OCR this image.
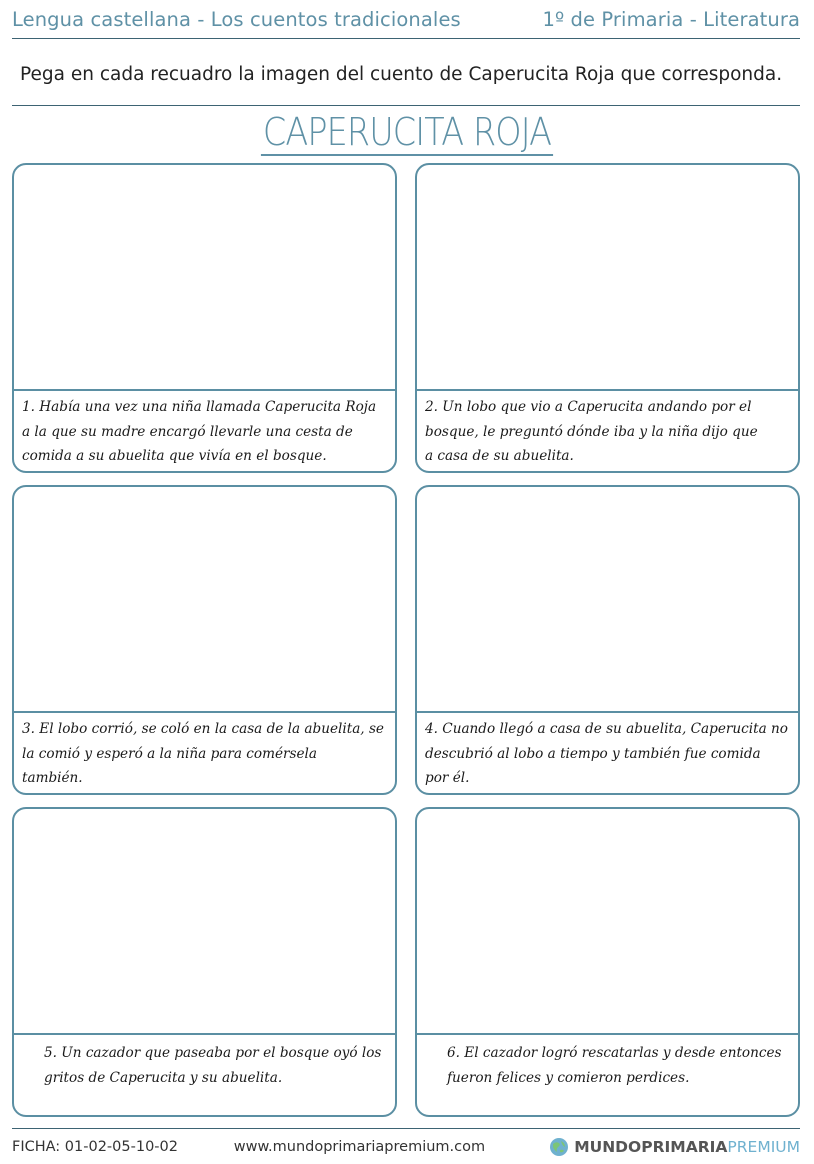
Lengua castellana - Los cuentos tradicionales	1º de Primaria - Literatura
Pega en cada recuadro la imagen del cuento de Caperucita Roja que corresponda.
CAPERUCITA ROJA
1. Había una vez una niña llamada Caperucita Roja
a la que su madre encargó llevarle una cesta de
comida a su abuelita que vivía en el bosque.
2. Un lobo que vio a Caperucita andando por el
bosque, le preguntó dónde iba y la niña dijo que
a casa de su abuelita.
3. El lobo corrió, se coló en la casa de la abuelita, se
la comió y esperó a la niña para comérsela
también.
4. Cuando llegó a casa de su abuelita, Caperucita no
descubrió al lobo a tiempo y también fue comida
por él.
5. Un cazador que paseaba por el bosque oyó los
gritos de Caperucita y su abuelita.
6. El cazador logró rescatarlas y desde entonces
fueron felices y comieron perdices.
FICHA: 01-02-05-10-02	www.mundoprimariapremium.com	MUNDOPRIMARIA PREMIUM
